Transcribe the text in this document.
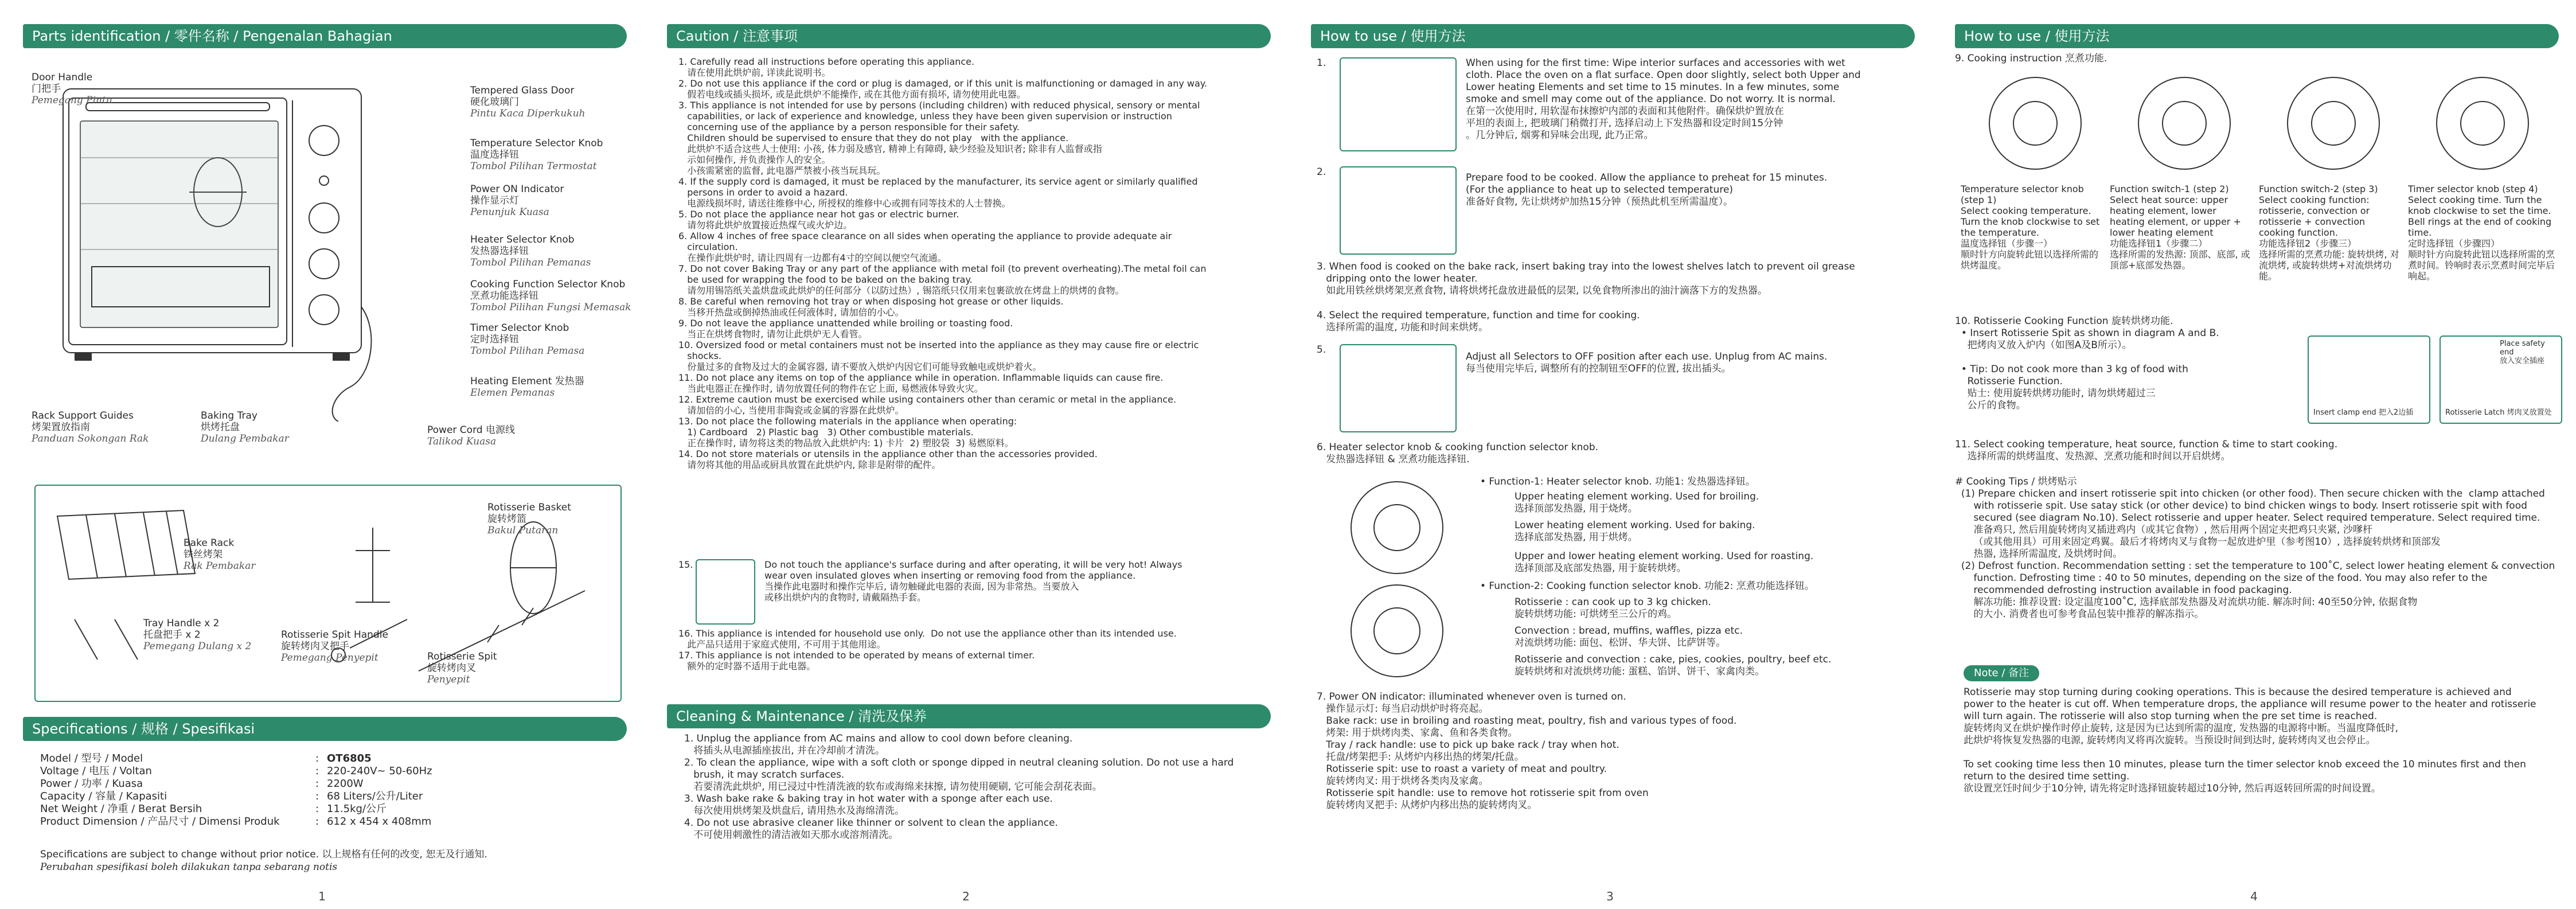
Parts identification / 零件名称 / Pengenalan Bahagian
Door Handle
门把手
Pemegang Pintu
Rack Support Guides
烤架置放指南
Panduan Sokongan Rak
Baking Tray
烘烤托盘
Dulang Pembakar
Tempered Glass Door
硬化玻璃门
Pintu Kaca Diperkukuh
Temperature Selector Knob
温度选择钮
Tombol Pilihan Termostat
Power ON Indicator
操作显示灯
Penunjuk Kuasa
Heater Selector Knob
发热器选择钮
Tombol Pilihan Pemanas
Cooking Function Selector Knob
烹煮功能选择钮
Tombol Pilihan Fungsi Memasak
Timer Selector Knob
定时选择钮
Tombol Pilihan Pemasa
Heating Element 发热器
Elemen Pemanas
Power Cord 电源线
Talikod Kuasa
Bake Rack
铁丝烤架
Rak Pembakar
Rotisserie Basket
旋转烤篮
Bakul Putaran
Tray Handle x 2
托盘把手 x 2
Pemegang Dulang x 2
Rotisserie Spit Handle
旋转烤肉叉把手
Pemegang Penyepit	Rotisserie Spit
旋转烤肉叉
Penyepit
Specifications / 规格 / Spesifikasi
Model / 型号 / Model	: OT6805
Voltage / 电压 / Voltan	: 220-240V~ 50-60Hz
Power / 功率 / Kuasa	: 2200W
Capacity / 容量 / Kapasiti	: 68 Liters/公升/Liter
Net Weight / 净重 / Berat Bersih	: 11.5kg/公斤
Product Dimension / 产品尺寸 / Dimensi Produk	: 612 x 454 x 408mm
Specifications are subject to change without prior notice. 以上规格有任何的改变, 恕无及行通知.
Perubahan spesifikasi boleh dilakukan tanpa sebarang notis
1
Caution / 注意事项
1. Carefully read all instructions before operating this appliance.
请在使用此烘炉前, 详读此说明书。
2. Do not use this appliance if the cord or plug is damaged, or if this unit is malfunctioning or damaged in any way.
假若电线或插头损坏, 或是此烘炉不能操作, 或在其他方面有损坏, 请勿使用此电器。
3. This appliance is not intended for use by persons (including children) with reduced physical, sensory or mental
capabilities, or lack of experience and knowledge, unless they have been given supervision or instruction
concerning use of the appliance by a person responsible for their safety.
Children should be supervised to ensure that they do not play   with the appliance.
此烘炉不适合这些人士使用: 小孩, 体力弱及感官, 精神上有障碍, 缺少经验及知识者; 除非有人监督或指
示如何操作, 并负责操作人的安全。
小孩需紧密的监督, 此电器严禁被小孩当玩具玩。
4. If the supply cord is damaged, it must be replaced by the manufacturer, its service agent or similarly qualified
persons in order to avoid a hazard.
电源线损坏时, 请送往维修中心, 所授权的维修中心或拥有同等技术的人士替换。
5. Do not place the appliance near hot gas or electric burner.
请勿将此烘炉放置接近热煤气或火炉边。
6. Allow 4 inches of free space clearance on all sides when operating the appliance to provide adequate air
circulation.
在操作此烘炉时, 请让四周有一边都有4寸的空间以便空气流通。
7. Do not cover Baking Tray or any part of the appliance with metal foil (to prevent overheating).The metal foil can
be used for wrapping the food to be baked on the baking tray.
请勿用锡箔纸关盖烘盘或此烘炉的任何部分（以防过热）, 锡箔纸只仅用来包裹欲放在烤盘上的烘烤的食物。
8. Be careful when removing hot tray or when disposing hot grease or other liquids.
当移开热盘或倒掉热油或任何液体时, 请加倍的小心。
9. Do not leave the appliance unattended while broiling or toasting food.
当正在烘烤食物时, 请勿让此烘炉无人看管。
10. Oversized food or metal containers must not be inserted into the appliance as they may cause fire or electric
shocks.
份量过多的食物及过大的金属容器, 请不要放入烘炉内因它们可能导致触电或烘炉着火。
11. Do not place any items on top of the appliance while in operation. Inflammable liquids can cause fire.
当此电器正在操作时, 请勿放置任何的物件在它上面, 易燃液体导致火灾。
12. Extreme caution must be exercised while using containers other than ceramic or metal in the appliance.
请加倍的小心, 当使用非陶瓷或金属的容器在此烘炉。
13. Do not place the following materials in the appliance when operating:
1) Cardboard   2) Plastic bag   3) Other combustible materials.
正在操作时, 请勿将这类的物品放入此烘炉内: 1) 卡片  2) 塑胶袋  3) 易燃原料。
14. Do not store materials or utensils in the appliance other than the accessories provided.
请勿将其他的用品或厨具放置在此烘炉内, 除非是附带的配件。
15.	Do not touch the appliance's surface during and after operating, it will be very hot! Always
wear oven insulated gloves when inserting or removing food from the appliance.
当操作此电器时和操作完毕后, 请勿触碰此电器的表面, 因为非常热。当要放入
或移出烘炉内的食物时, 请戴隔热手套。
16. This appliance is intended for household use only.  Do not use the appliance other than its intended use.
此产品只适用于家庭式使用, 不可用于其他用途。
17. This appliance is not intended to be operated by means of external timer.
额外的定时器不适用于此电器。
Cleaning & Maintenance / 清洗及保养
1. Unplug the appliance from AC mains and allow to cool down before cleaning.
将插头从电源插座拔出, 并在冷却前才清洗。
2. To clean the appliance, wipe with a soft cloth or sponge dipped in neutral cleaning solution. Do not use a hard
brush, it may scratch surfaces.
若要清洗此烘炉, 用已浸过中性清洗液的软布或海绵来抹擦, 请勿使用硬刷, 它可能会刮花表面。
3. Wash bake rake & baking tray in hot water with a sponge after each use.
每次使用烘烤架及烘盘后, 请用热水及海绵清洗。
4. Do not use abrasive cleaner like thinner or solvent to clean the appliance.
不可使用刺激性的清洁液如天那水或溶剂清洗。
2
How to use / 使用方法
1.	When using for the first time: Wipe interior surfaces and accessories with wet
cloth. Place the oven on a flat surface. Open door slightly, select both Upper and
Lower heating Elements and set time to 15 minutes. In a few minutes, some
smoke and smell may come out of the appliance. Do not worry. It is normal.
在第一次使用时, 用软湿布抹擦炉内部的表面和其他附件。确保烘炉置放在
平坦的表面上, 把玻璃门稍微打开, 选择启动上下发热器和设定时间15分钟
。几分钟后, 烟雾和异味会出现, 此乃正常。
2.	Prepare food to be cooked. Allow the appliance to preheat for 15 minutes.
(For the appliance to heat up to selected temperature)
准备好食物, 先让烘烤炉加热15分钟（预热此机至所需温度）。
3. When food is cooked on the bake rack, insert baking tray into the lowest shelves latch to prevent oil grease
dripping onto the lower heater.
如此用铁丝烘烤架烹煮食物, 请将烘烤托盘放进最低的层架, 以免食物所渗出的油汁滴落下方的发热器。
4. Select the required temperature, function and time for cooking.
选择所需的温度, 功能和时间来烘烤。
5.
Adjust all Selectors to OFF position after each use. Unplug from AC mains.
每当使用完毕后, 调整所有的控制钮至OFF的位置, 拔出插头。
6. Heater selector knob & cooking function selector knob.
发热器选择钮 & 烹煮功能选择钮.
• Function-1: Heater selector knob. 功能1: 发热器选择钮。
Upper heating element working. Used for broiling.
选择顶部发热器, 用于烧烤。
Lower heating element working. Used for baking.
选择底部发热器, 用于烘烤。
Upper and lower heating element working. Used for roasting.
选择顶部及底部发热器, 用于旋转烘烤。
• Function-2: Cooking function selector knob. 功能2: 烹煮功能选择钮。
Rotisserie : can cook up to 3 kg chicken.
旋转烘烤功能: 可烘烤至三公斤的鸡。
Convection : bread, muffins, waffles, pizza etc.
对流烘烤功能: 面包、松饼、华夫饼、比萨饼等。
Rotisserie and convection : cake, pies, cookies, poultry, beef etc.
旋转烘烤和对流烘烤功能: 蛋糕、馅饼、饼干、家禽肉类。
7. Power ON indicator: illuminated whenever oven is turned on.
操作显示灯: 每当启动烘炉时将亮起。
Bake rack: use in broiling and roasting meat, poultry, fish and various types of food.
烤架: 用于烘烤肉类、家禽、鱼和各类食物。
Tray / rack handle: use to pick up bake rack / tray when hot.
托盘/烤架把手: 从烤炉内移出热的烤架/托盘。
Rotisserie spit: use to roast a variety of meat and poultry.
旋转烤肉叉: 用于烘烤各类肉及家禽。
Rotisserie spit handle: use to remove hot rotisserie spit from oven
旋转烤肉叉把手: 从烤炉内移出热的旋转烤肉叉。
3
How to use / 使用方法
9. Cooking instruction 烹煮功能.
Temperature selector knob (step 1)
Select cooking temperature. Turn the knob clockwise to set the temperature.
温度选择钮（步骤一）
顺时针方向旋转此钮以选择所需的烘烤温度。
Function switch-1 (step 2)
Select heat source: upper heating element, lower heating element, or upper + lower heating element
功能选择钮1（步骤二）
选择所需的发热源: 顶部、底部, 或顶部+底部发热器。
Function switch-2 (step 3)
Select cooking function: rotisserie, convection or rotisserie + convection cooking function.
功能选择钮2（步骤三）
选择所需的烹煮功能: 旋转烘烤, 对流烘烤, 或旋转烘烤+对流烘烤功能。
Timer selector knob (step 4)
Select cooking time. Turn the knob clockwise to set the time. Bell rings at the end of cooking time.
定时选择钮（步骤四）
顺时针方向旋转此钮以选择所需的烹煮时间。铃响时表示烹煮时间完毕后响起。
10. Rotisserie Cooking Function 旋转烘烤功能.
• Insert Rotisserie Spit as shown in diagram A and B.
把烤肉叉放入炉内（如图A及B所示）。

• Tip: Do not cook more than 3 kg of food with
Rotisserie Function.
贴士: 使用旋转烘烤功能时, 请勿烘烤超过三
公斤的食物。
Insert clamp end 把入2边插
Place safety end
放入安全插座
Rotisserie Latch 烤肉叉放置处
11. Select cooking temperature, heat source, function & time to start cooking.
选择所需的烘烤温度、发热源、烹煮功能和时间以开启烘烤。
# Cooking Tips / 烘烤贴示
(1) Prepare chicken and insert rotisserie spit into chicken (or other food). Then secure chicken with the  clamp attached
with rotisserie spit. Use satay stick (or other device) to bind chicken wings to body. Insert rotisserie spit with food
secured (see diagram No.10). Select rotisserie and upper heater. Select required temperature. Select required time.
准备鸡只, 然后用旋转烤肉叉插进鸡内（或其它食物）, 然后用两个固定夹把鸡只夹紧, 沙嗲杆
（或其他用具）可用来固定鸡翼。最后才将烤肉叉与食物一起放进炉里（参考图10）, 选择旋转烘烤和顶部发
热器, 选择所需温度, 及烘烤时间。
(2) Defrost function. Recommendation setting : set the temperature to 100˚C, select lower heating element & convection
function. Defrosting time : 40 to 50 minutes, depending on the size of the food. You may also refer to the
recommended defrosting instruction available in food packaging.
解冻功能: 推荐设置: 设定温度100˚C, 选择底部发热器及对流烘功能. 解冻时间: 40至50分钟, 依据食物
的大小. 消费者也可参考食品包装中推荐的解冻指示。
Note / 备注
Rotisserie may stop turning during cooking operations. This is because the desired temperature is achieved and
power to the heater is cut off. When temperature drops, the appliance will resume power to the heater and rotisserie
will turn again. The rotisserie will also stop turning when the pre set time is reached.
旋转烤肉叉在烘炉操作时停止旋转, 这是因为已达到所需的温度, 发热器的电源将中断。当温度降低时,
此烘炉将恢复发热器的电源, 旋转烤肉叉将再次旋转。当预设时间到达时, 旋转烤肉叉也会停止。

To set cooking time less then 10 minutes, please turn the timer selector knob exceed the 10 minutes first and then
return to the desired time setting.
欲设置烹饪时间少于10分钟, 请先将定时选择钮旋转超过10分钟, 然后再返转回所需的时间设置。
4
